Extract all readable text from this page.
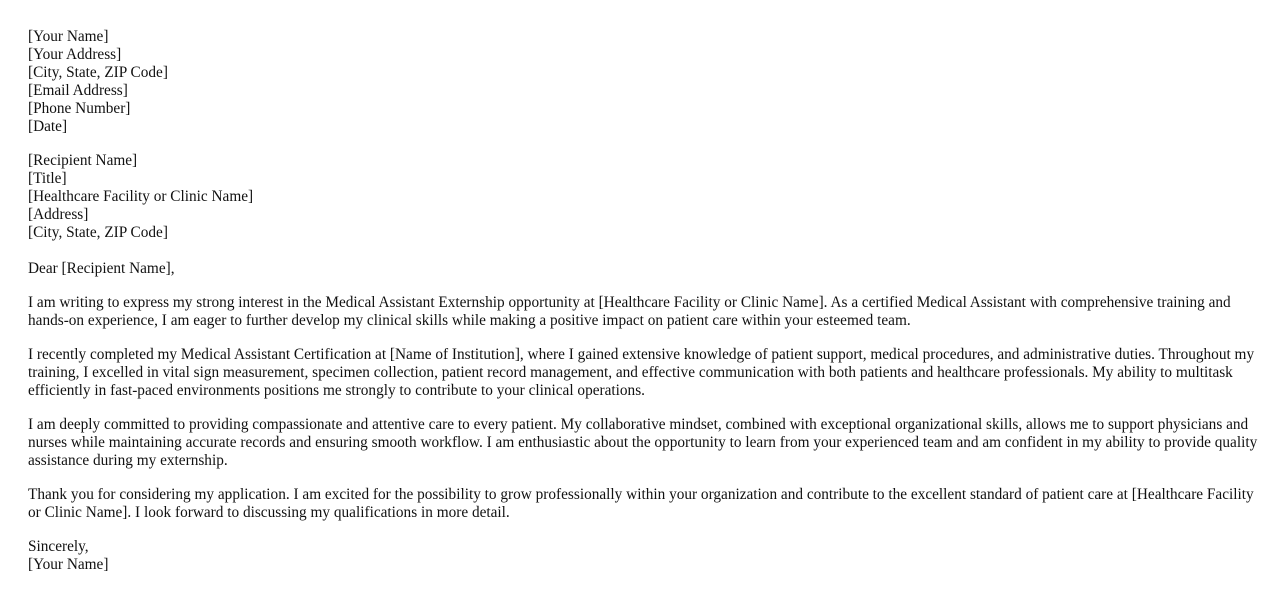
[Your Name]
[Your Address]
[City, State, ZIP Code]
[Email Address]
[Phone Number]
[Date]
[Recipient Name]
[Title]
[Healthcare Facility or Clinic Name]
[Address]
[City, State, ZIP Code]

Dear [Recipient Name],

I am writing to express my strong interest in the Medical Assistant Externship opportunity at [Healthcare Facility or Clinic Name]. As a certified Medical Assistant with comprehensive training and hands-on experience, I am eager to further develop my clinical skills while making a positive impact on patient care within your esteemed team.

I recently completed my Medical Assistant Certification at [Name of Institution], where I gained extensive knowledge of patient support, medical procedures, and administrative duties. Throughout my training, I excelled in vital sign measurement, specimen collection, patient record management, and effective communication with both patients and healthcare professionals. My ability to multitask efficiently in fast-paced environments positions me strongly to contribute to your clinical operations.

I am deeply committed to providing compassionate and attentive care to every patient. My collaborative mindset, combined with exceptional organizational skills, allows me to support physicians and nurses while maintaining accurate records and ensuring smooth workflow. I am enthusiastic about the opportunity to learn from your experienced team and am confident in my ability to provide quality assistance during my externship.

Thank you for considering my application. I am excited for the possibility to grow professionally within your organization and contribute to the excellent standard of patient care at [Healthcare Facility or Clinic Name]. I look forward to discussing my qualifications in more detail.

Sincerely,
[Your Name]
